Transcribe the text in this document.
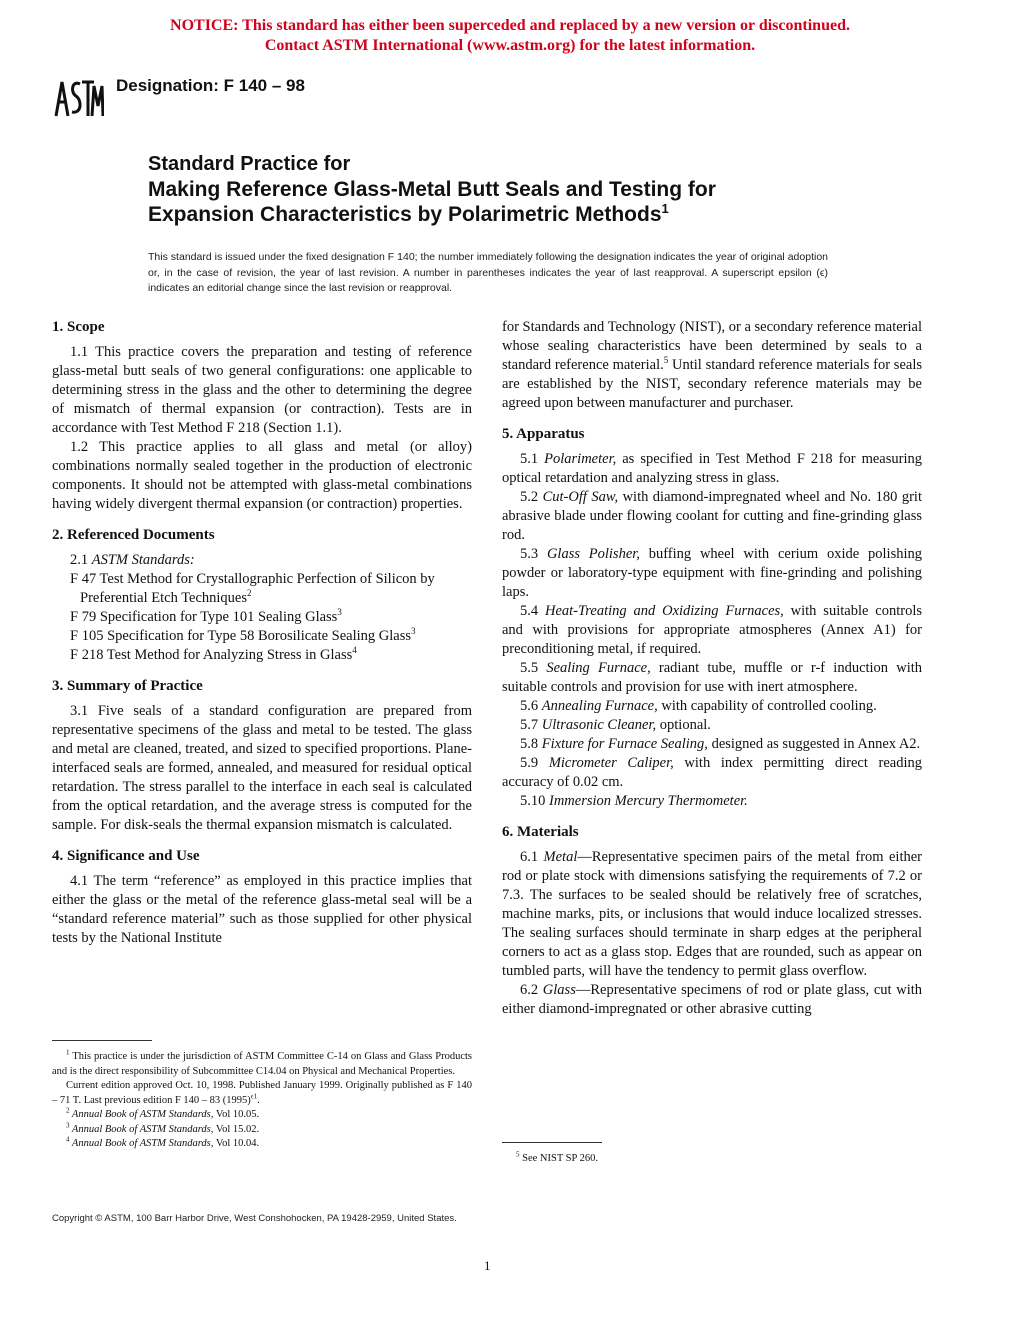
NOTICE: This standard has either been superceded and replaced by a new version or discontinued.
Contact ASTM International (www.astm.org) for the latest information.
ASTM	Designation: F 140 – 98
Standard Practice for
Making Reference Glass-Metal Butt Seals and Testing for
Expansion Characteristics by Polarimetric Methods$^1$
This standard is issued under the fixed designation F 140; the number immediately following the designation indicates the year of original adoption or, in the case of revision, the year of last revision. A number in parentheses indicates the year of last reapproval. A superscript epsilon (ϵ) indicates an editorial change since the last revision or reapproval.

1. Scope

1.1 This practice covers the preparation and testing of reference glass-metal butt seals of two general configurations: one applicable to determining stress in the glass and the other to determining the degree of mismatch of thermal expansion (or contraction). Tests are in accordance with Test Method F 218 (Section 1.1).

1.2 This practice applies to all glass and metal (or alloy) combinations normally sealed together in the production of electronic components. It should not be attempted with glass-metal combinations having widely divergent thermal expansion (or contraction) properties.

2. Referenced Documents

2.1 ASTM Standards:

F 47 Test Method for Crystallographic Perfection of Silicon by Preferential Etch Techniques$^2$

F 79 Specification for Type 101 Sealing Glass$^3$

F 105 Specification for Type 58 Borosilicate Sealing Glass$^3$

F 218 Test Method for Analyzing Stress in Glass$^4$

3. Summary of Practice

3.1 Five seals of a standard configuration are prepared from representative specimens of the glass and metal to be tested. The glass and metal are cleaned, treated, and sized to specified proportions. Plane-interfaced seals are formed, annealed, and measured for residual optical retardation. The stress parallel to the interface in each seal is calculated from the optical retardation, and the average stress is computed for the sample. For disk-seals the thermal expansion mismatch is calculated.

4. Significance and Use

4.1 The term “reference” as employed in this practice implies that either the glass or the metal of the reference glass-metal seal will be a “standard reference material” such as those supplied for other physical tests by the National Institute

$^1$ This practice is under the jurisdiction of ASTM Committee C-14 on Glass and Glass Products and is the direct responsibility of Subcommittee C14.04 on Physical and Mechanical Properties.

Current edition approved Oct. 10, 1998. Published January 1999. Originally published as F 140 – 71 T. Last previous edition F 140 – 83 $(1995)^{\epsilon 1}$.

$^2$ Annual Book of ASTM Standards, Vol 10.05.

$^3$ Annual Book of ASTM Standards, Vol 15.02.

$^4$ Annual Book of ASTM Standards, Vol 10.04.

for Standards and Technology (NIST), or a secondary reference material whose sealing characteristics have been determined by seals to a standard reference material.$^5$ Until standard reference materials for seals are established by the NIST, secondary reference materials may be agreed upon between manufacturer and purchaser.

5. Apparatus

5.1 Polarimeter, as specified in Test Method F 218 for measuring optical retardation and analyzing stress in glass.

5.2 Cut-Off Saw, with diamond-impregnated wheel and No. 180 grit abrasive blade under flowing coolant for cutting and fine-grinding glass rod.

5.3 Glass Polisher, buffing wheel with cerium oxide polishing powder or laboratory-type equipment with fine-grinding and polishing laps.

5.4 Heat-Treating and Oxidizing Furnaces, with suitable controls and with provisions for appropriate atmospheres (Annex A1) for preconditioning metal, if required.

5.5 Sealing Furnace, radiant tube, muffle or r-f induction with suitable controls and provision for use with inert atmosphere.

5.6 Annealing Furnace, with capability of controlled cooling.

5.7 Ultrasonic Cleaner, optional.

5.8 Fixture for Furnace Sealing, designed as suggested in Annex A2.

5.9 Micrometer Caliper, with index permitting direct reading accuracy of 0.02 cm.

5.10 Immersion Mercury Thermometer.

6. Materials

6.1 Metal—Representative specimen pairs of the metal from either rod or plate stock with dimensions satisfying the requirements of 7.2 or 7.3. The surfaces to be sealed should be relatively free of scratches, machine marks, pits, or inclusions that would induce localized stresses. The sealing surfaces should terminate in sharp edges at the peripheral corners to act as a glass stop. Edges that are rounded, such as appear on tumbled parts, will have the tendency to permit glass overflow.

6.2 Glass—Representative specimens of rod or plate glass, cut with either diamond-impregnated or other abrasive cutting

$^5$ See NIST SP 260.

Copyright © ASTM, 100 Barr Harbor Drive, West Conshohocken, PA 19428-2959, United States.
1
